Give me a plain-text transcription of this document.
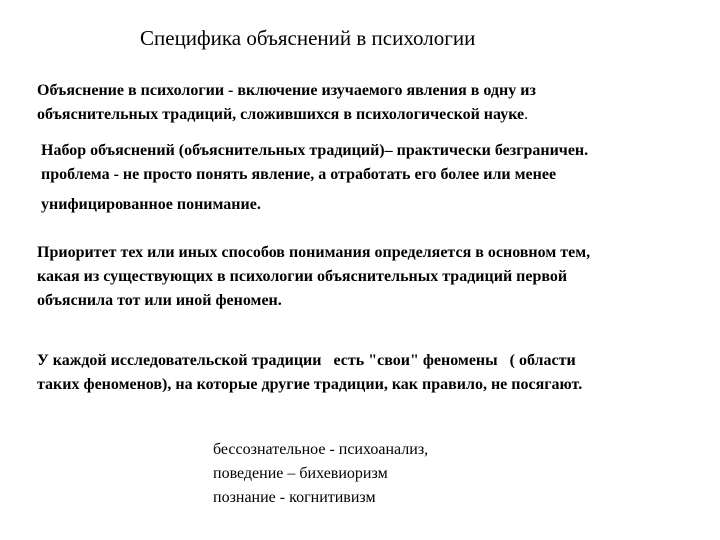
Специфика объяснений в психологии
Объяснение в психологии - включение изучаемого явления в одну из
объяснительных традиций, сложившихся в психологической науке.
Набор объяснений (объяснительных традиций)– практически безграничен.
проблема - не просто понять явление, а отработать его более или менее
унифицированное понимание.
Приоритет тех или иных способов понимания определяется в основном тем,
какая из существующих в психологии объяснительных традиций первой
объяснила тот или иной феномен.
У каждой исследовательской традиции   есть "свои" феномены   ( области
таких феноменов), на которые другие традиции, как правило, не посягают.
бессознательное - психоанализ,
поведение – бихевиоризм
познание - когнитивизм
